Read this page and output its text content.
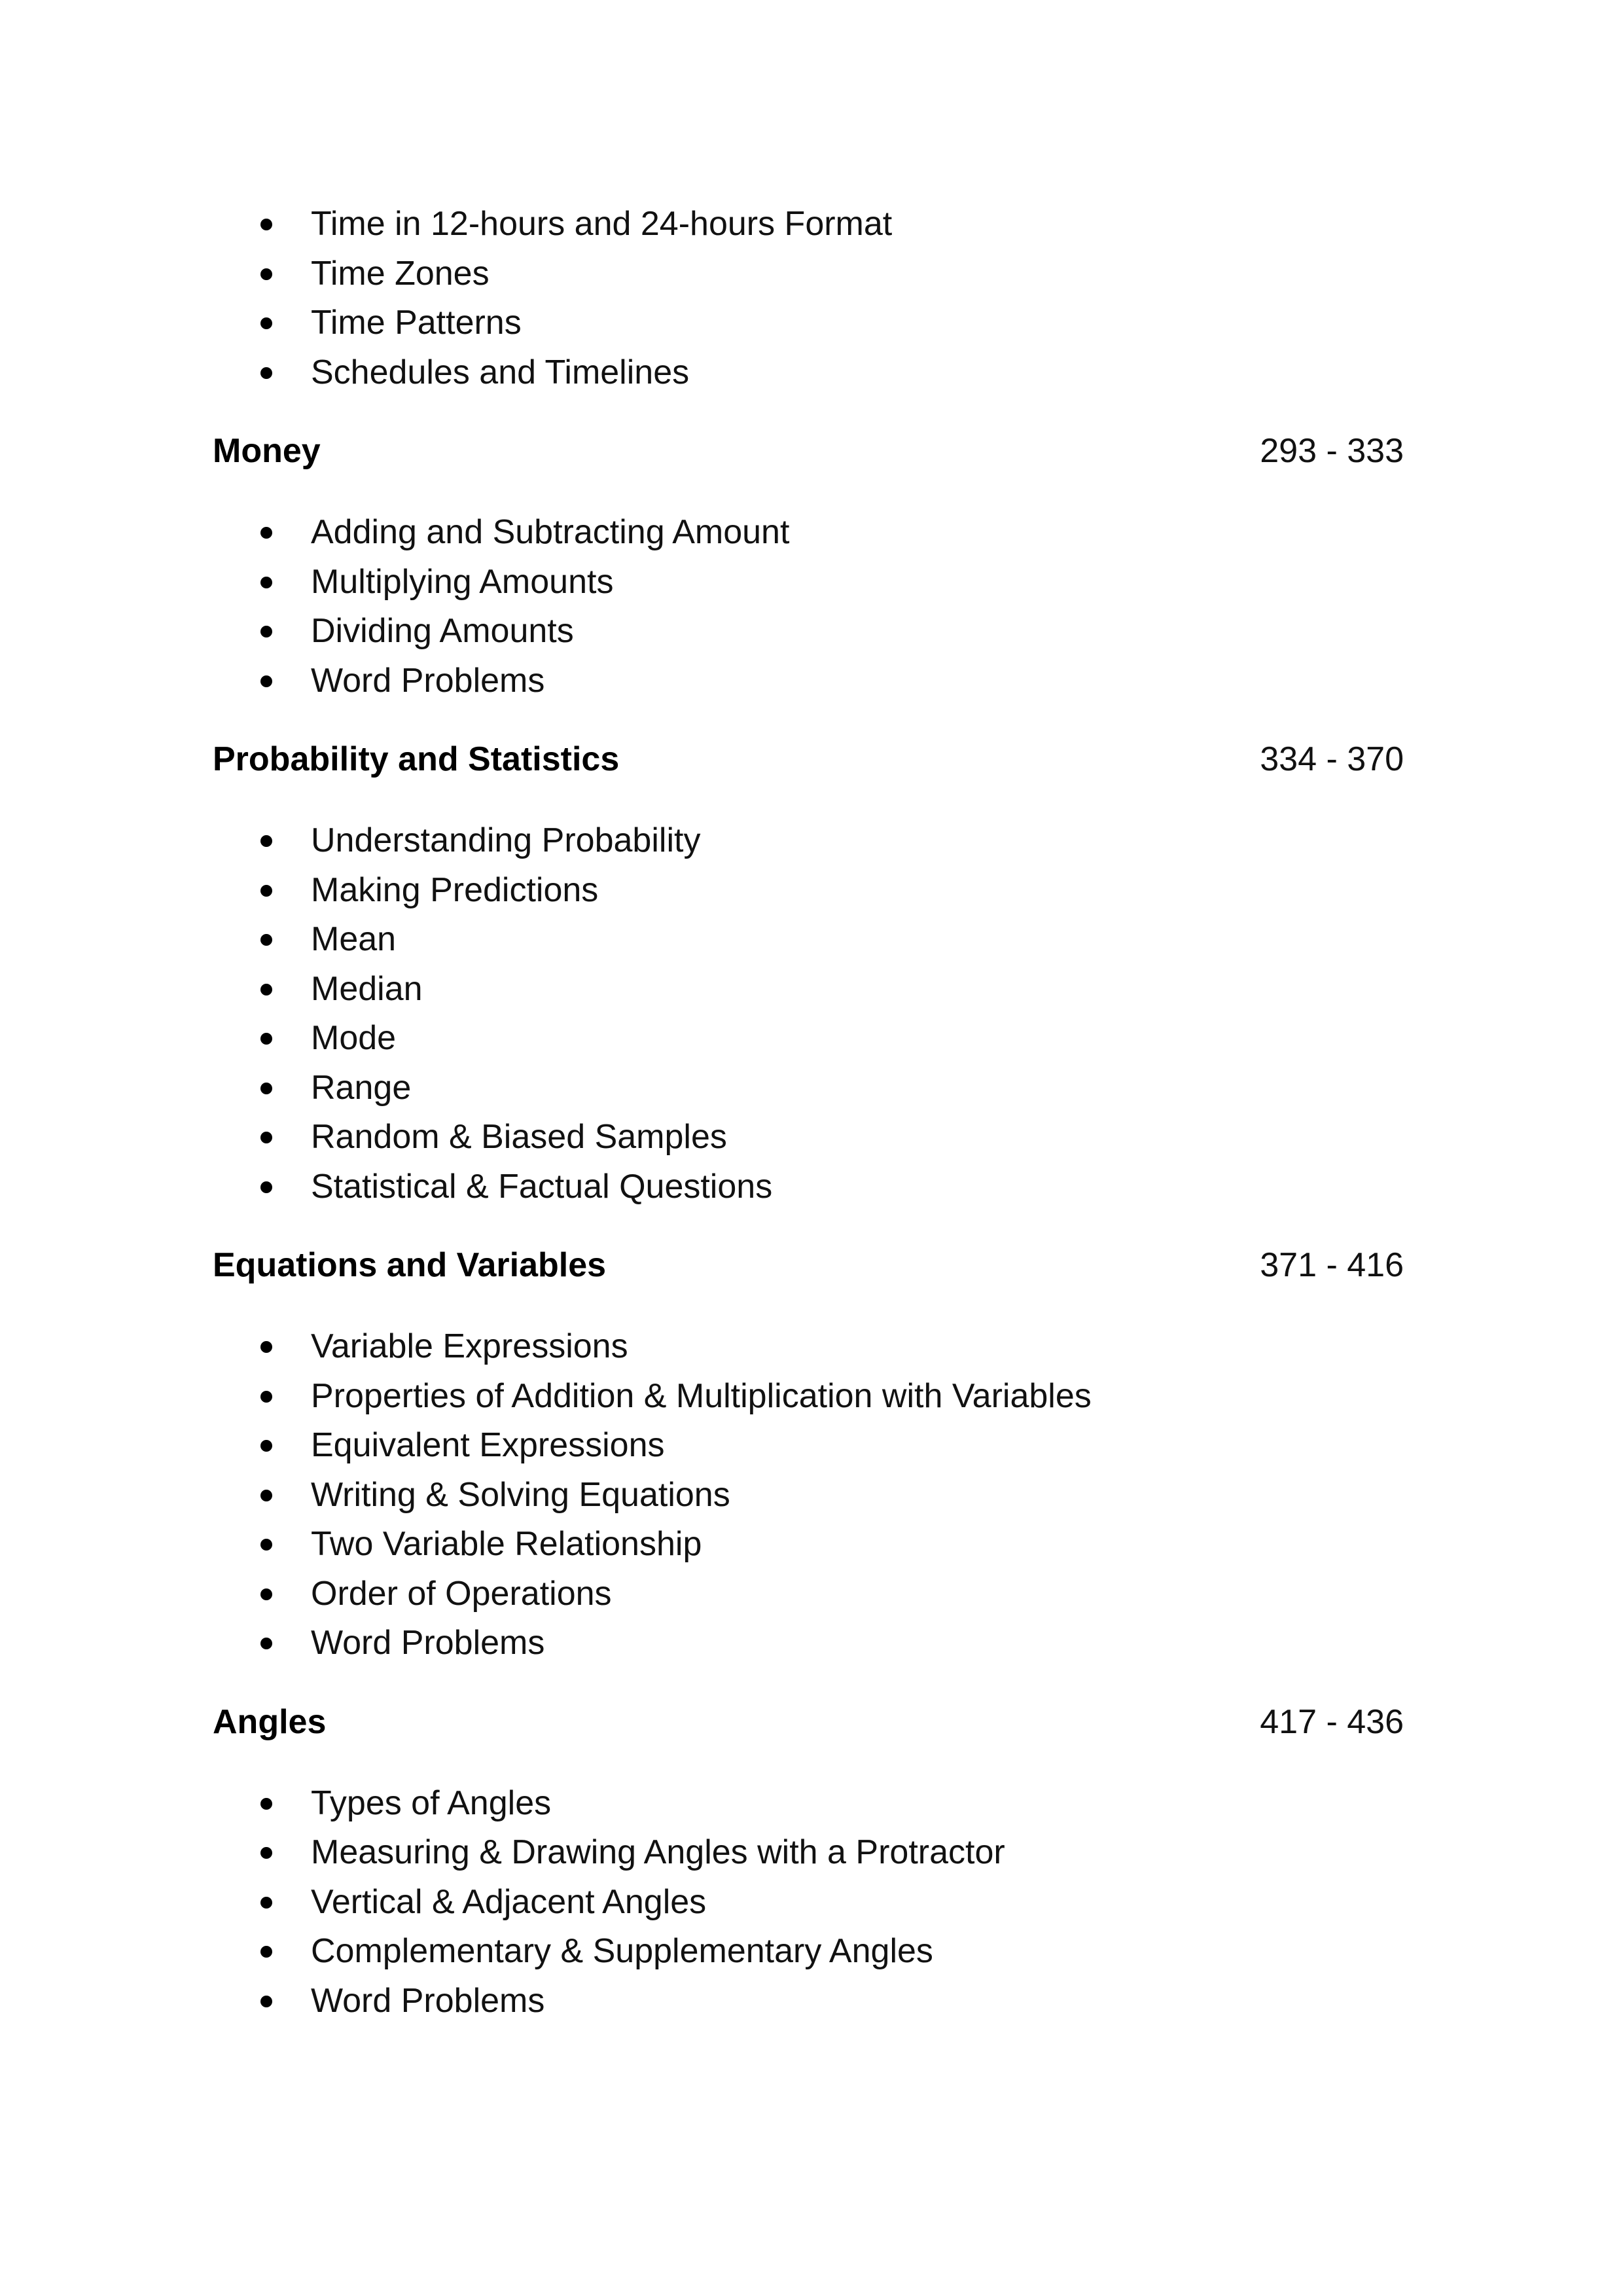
Time in 12-hours and 24-hours Format
Time Zones
Time Patterns
Schedules and Timelines
Money	293 - 333
Adding and Subtracting Amount
Multiplying Amounts
Dividing Amounts
Word Problems
Probability and Statistics	334 - 370
Understanding Probability
Making Predictions
Mean
Median
Mode
Range
Random & Biased Samples
Statistical & Factual Questions
Equations and Variables	371 - 416
Variable Expressions
Properties of Addition & Multiplication with Variables
Equivalent Expressions
Writing & Solving Equations
Two Variable Relationship
Order of Operations
Word Problems
Angles	417 - 436
Types of Angles
Measuring & Drawing Angles with a Protractor
Vertical & Adjacent Angles
Complementary & Supplementary Angles
Word Problems
